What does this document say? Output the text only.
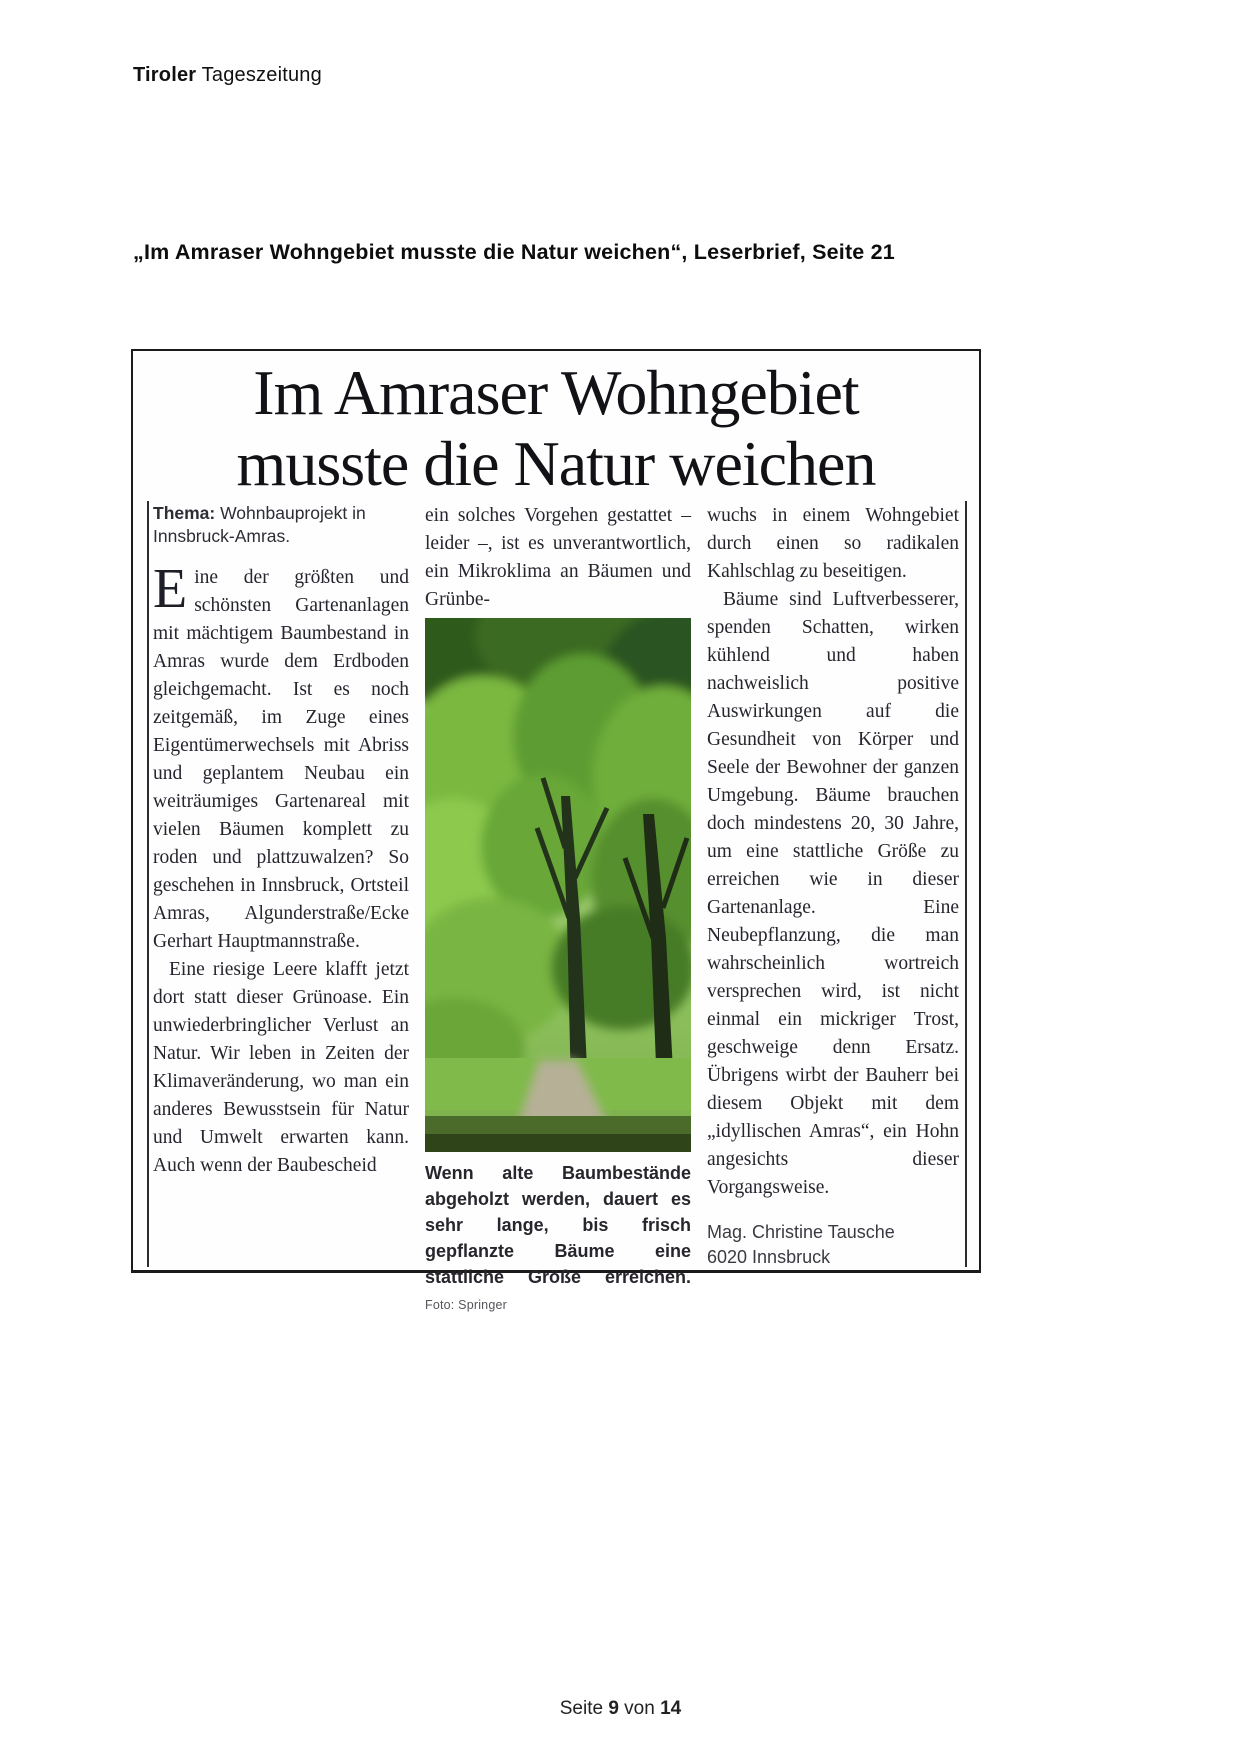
Tiroler Tageszeitung
„Im Amraser Wohngebiet musste die Natur weichen“, Leserbrief, Seite 21
Im Amraser Wohngebiet
musste die Natur weichen
Thema: Wohnbauprojekt in Innsbruck-Amras.

Eine der größten und schönsten Gartenanlagen mit mächtigem Baumbestand in Amras wurde dem Erdboden gleichgemacht. Ist es noch zeitgemäß, im Zuge eines Eigentümerwechsels mit Abriss und geplantem Neubau ein weiträumiges Gartenareal mit vielen Bäumen komplett zu roden und plattzuwalzen? So geschehen in Innsbruck, Ortsteil Amras, Algunderstraße/Ecke Gerhart Hauptmannstraße.

Eine riesige Leere klafft jetzt dort statt dieser Grünoase. Ein unwiederbringlicher Verlust an Natur. Wir leben in Zeiten der Klimaveränderung, wo man ein anderes Bewusstsein für Natur und Umwelt erwarten kann. Auch wenn der Baubescheid

ein solches Vorgehen gestattet – leider –, ist es unverantwortlich, ein Mikroklima an Bäumen und Grünbe-

Wenn alte Baumbestände abgeholzt werden, dauert es sehr lange, bis frisch gepflanzte Bäume eine stattliche Größe erreichen. Foto: Springer

wuchs in einem Wohngebiet durch einen so radikalen Kahlschlag zu beseitigen.

Bäume sind Luftverbesserer, spenden Schatten, wirken kühlend und haben nachweislich positive Auswirkungen auf die Gesundheit von Körper und Seele der Bewohner der ganzen Umgebung. Bäume brauchen doch mindestens 20, 30 Jahre, um eine stattliche Größe zu erreichen wie in dieser Gartenanlage. Eine Neubepflanzung, die man wahrscheinlich wortreich versprechen wird, ist nicht einmal ein mickriger Trost, geschweige denn Ersatz. Übrigens wirbt der Bauherr bei diesem Objekt mit dem „idyllischen Amras“, ein Hohn angesichts dieser Vorgangsweise.

Mag. Christine Tausche
6020 Innsbruck
Seite 9 von 14
